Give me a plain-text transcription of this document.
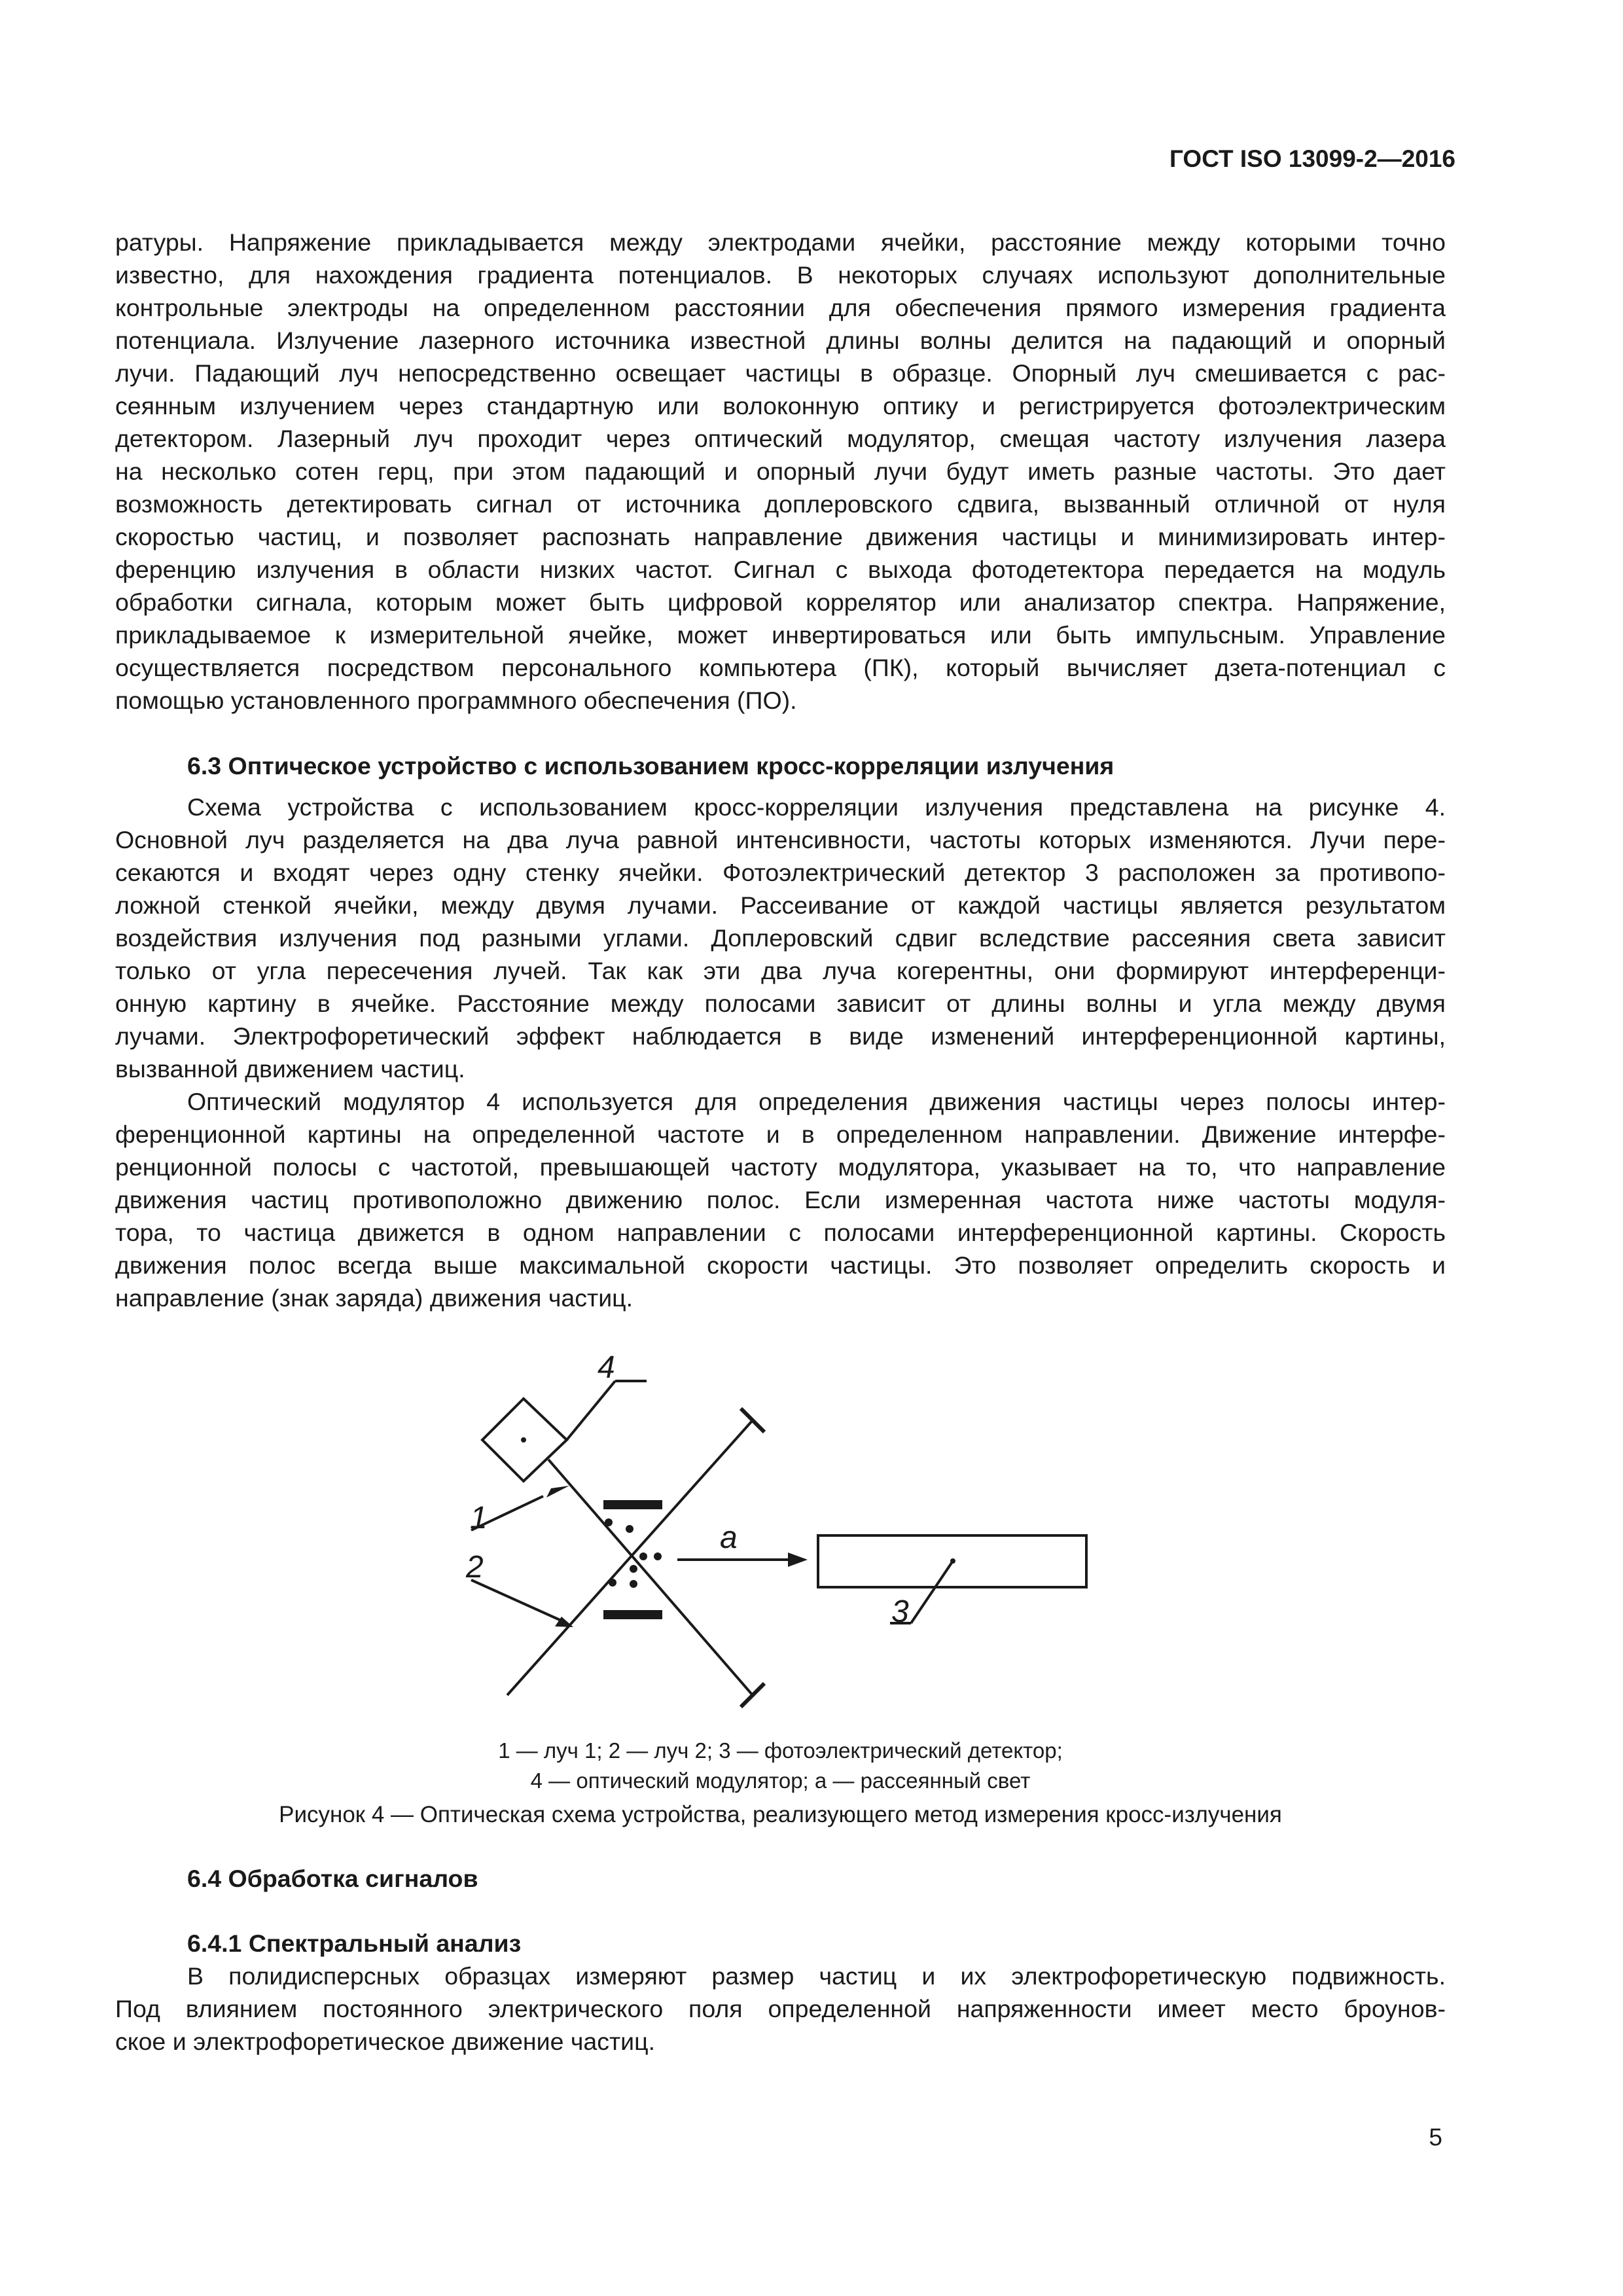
ГОСТ ISO 13099-2—2016
ратуры. Напряжение прикладывается между электродами ячейки, расстояние между которыми точно
известно, для нахождения градиента потенциалов. В некоторых случаях используют дополнительные
контрольные электроды на определенном расстоянии для обеспечения прямого измерения градиента
потенциала. Излучение лазерного источника известной длины волны делится на падающий и опорный
лучи. Падающий луч непосредственно освещает частицы в образце. Опорный луч смешивается с рас-
сеянным излучением через стандартную или волоконную оптику и регистрируется фотоэлектрическим
детектором. Лазерный луч проходит через оптический модулятор, смещая частоту излучения лазера
на несколько сотен герц, при этом падающий и опорный лучи будут иметь разные частоты. Это дает
возможность детектировать сигнал от источника доплеровского сдвига, вызванный отличной от нуля
скоростью частиц, и позволяет распознать направление движения частицы и минимизировать интер-
ференцию излучения в области низких частот. Сигнал с выхода фотодетектора передается на модуль
обработки сигнала, которым может быть цифровой коррелятор или анализатор спектра. Напряжение,
прикладываемое к измерительной ячейке, может инвертироваться или быть импульсным. Управление
осуществляется посредством персонального компьютера (ПК), который вычисляет дзета-потенциал с
помощью установленного программного обеспечения (ПО).
6.3 Оптическое устройство с использованием кросс-корреляции излучения
Схема устройства с использованием кросс-корреляции излучения представлена на рисунке 4.
Основной луч разделяется на два луча равной интенсивности, частоты которых изменяются. Лучи пере-
секаются и входят через одну стенку ячейки. Фотоэлектрический детектор 3 расположен за противопо-
ложной стенкой ячейки, между двумя лучами. Рассеивание от каждой частицы является результатом
воздействия излучения под разными углами. Доплеровский сдвиг вследствие рассеяния света зависит
только от угла пересечения лучей. Так как эти два луча когерентны, они формируют интерференци-
онную картину в ячейке. Расстояние между полосами зависит от длины волны и угла между двумя
лучами. Электрофоретический эффект наблюдается в виде изменений интерференционной картины,
вызванной движением частиц.
Оптический модулятор 4 используется для определения движения частицы через полосы интер-
ференционной картины на определенной частоте и в определенном направлении. Движение интерфе-
ренционной полосы с частотой, превышающей частоту модулятора, указывает на то, что направление
движения частиц противоположно движению полос. Если измеренная частота ниже частоты модуля-
тора, то частица движется в одном направлении с полосами интерференционной картины. Скорость
движения полос всегда выше максимальной скорости частицы. Это позволяет определить скорость и
направление (знак заряда) движения частиц.
4
1
2
а
3
1 — луч 1; 2 — луч 2; 3 — фотоэлектрический детектор;
4 — оптический модулятор; а — рассеянный свет
Рисунок 4 — Оптическая схема устройства, реализующего метод измерения кросс-излучения
6.4 Обработка сигналов
6.4.1 Спектральный анализ
В полидисперсных образцах измеряют размер частиц и их электрофоретическую подвижность.
Под влиянием постоянного электрического поля определенной напряженности имеет место броунов-
ское и электрофоретическое движение частиц.
5
